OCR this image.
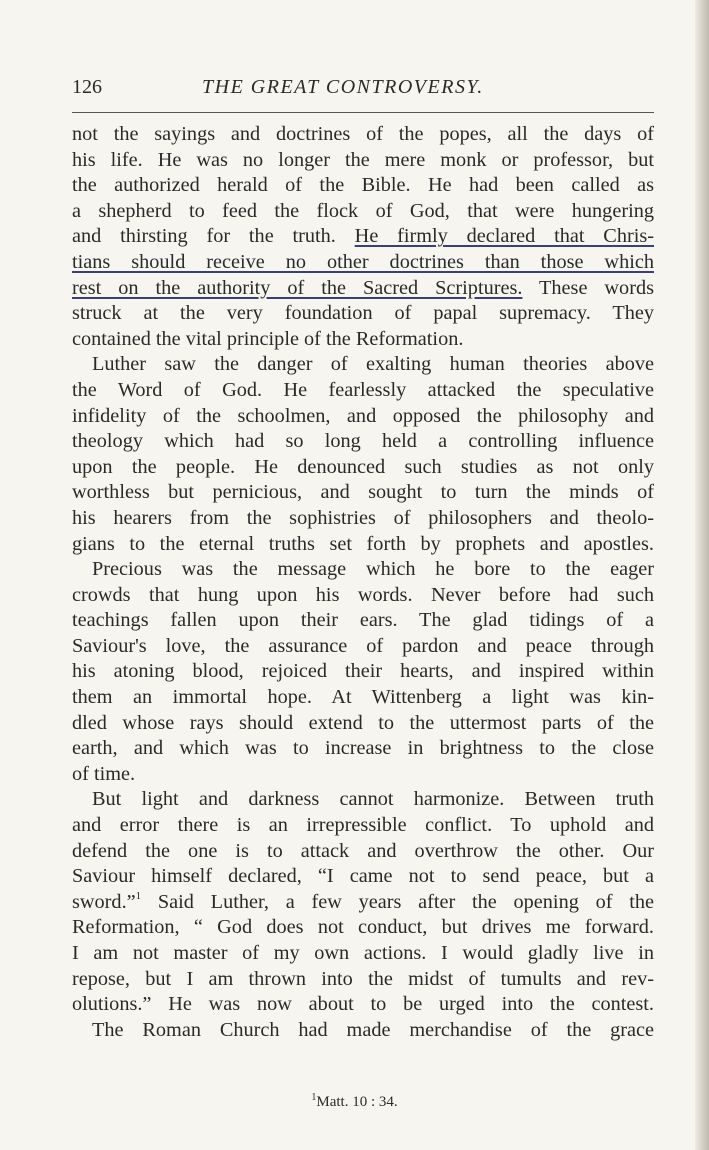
126	THE GREAT CONTROVERSY.
not the sayings and doctrines of the popes, all the days of
his life. He was no longer the mere monk or professor, but
the authorized herald of the Bible. He had been called as
a shepherd to feed the flock of God, that were hungering
and thirsting for the truth. He firmly declared that Chris-
tians should receive no other doctrines than those which
rest on the authority of the Sacred Scriptures. These words
struck at the very foundation of papal supremacy. They
contained the vital principle of the Reformation.
Luther saw the danger of exalting human theories above
the Word of God. He fearlessly attacked the speculative
infidelity of the schoolmen, and opposed the philosophy and
theology which had so long held a controlling influence
upon the people. He denounced such studies as not only
worthless but pernicious, and sought to turn the minds of
his hearers from the sophistries of philosophers and theolo-
gians to the eternal truths set forth by prophets and apostles.
Precious was the message which he bore to the eager
crowds that hung upon his words. Never before had such
teachings fallen upon their ears. The glad tidings of a
Saviour's love, the assurance of pardon and peace through
his atoning blood, rejoiced their hearts, and inspired within
them an immortal hope. At Wittenberg a light was kin-
dled whose rays should extend to the uttermost parts of the
earth, and which was to increase in brightness to the close
of time.
But light and darkness cannot harmonize. Between truth
and error there is an irrepressible conflict. To uphold and
defend the one is to attack and overthrow the other. Our
Saviour himself declared, “I came not to send peace, but a
sword.”$^1$ Said Luther, a few years after the opening of the
Reformation, “ God does not conduct, but drives me forward.
I am not master of my own actions. I would gladly live in
repose, but I am thrown into the midst of tumults and rev-
olutions.” He was now about to be urged into the contest.
The Roman Church had made merchandise of the grace
$^1$Matt. 10 : 34.
